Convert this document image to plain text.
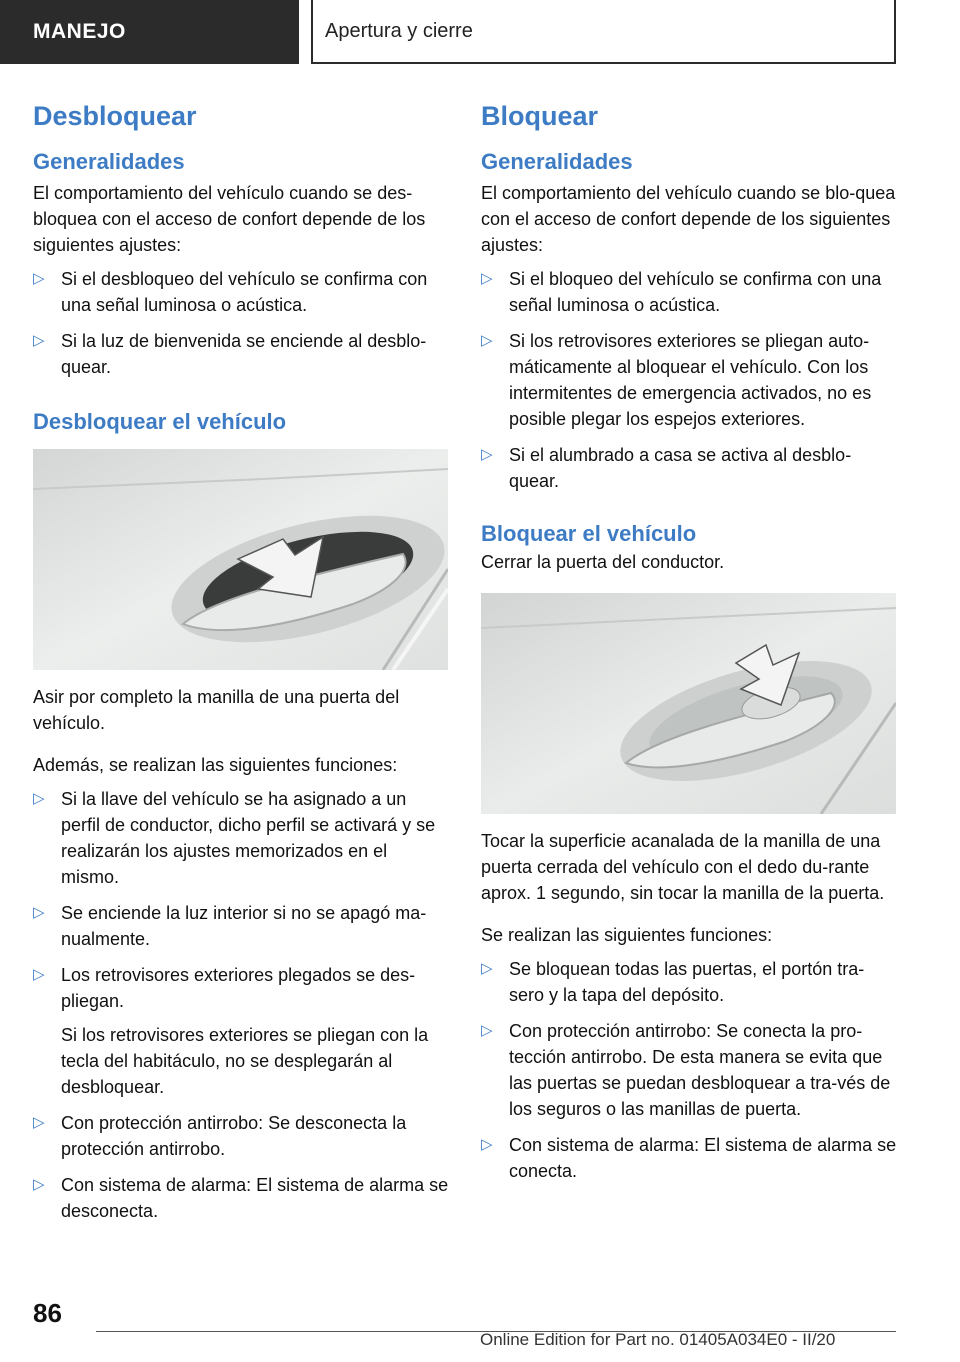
MANEJO	Apertura y cierre
Desbloquear
Generalidades

El comportamiento del vehículo cuando se des-bloquea con el acceso de confort depende de los siguientes ajustes:

▷ Si el desbloqueo del vehículo se confirma con una señal luminosa o acústica.
▷ Si la luz de bienvenida se enciende al desblo-quear.
Desbloquear el vehículo

Asir por completo la manilla de una puerta del vehículo.

Además, se realizan las siguientes funciones:

▷ Si la llave del vehículo se ha asignado a un perfil de conductor, dicho perfil se activará y se realizarán los ajustes memorizados en el mismo.
▷ Se enciende la luz interior si no se apagó ma-nualmente.
▷ Los retrovisores exteriores plegados se des-pliegan.
Si los retrovisores exteriores se pliegan con la tecla del habitáculo, no se desplegarán al desbloquear.
▷ Con protección antirrobo: Se desconecta la protección antirrobo.
▷ Con sistema de alarma: El sistema de alarma se desconecta.
Bloquear
Generalidades

El comportamiento del vehículo cuando se blo-quea con el acceso de confort depende de los siguientes ajustes:

▷ Si el bloqueo del vehículo se confirma con una señal luminosa o acústica.
▷ Si los retrovisores exteriores se pliegan auto-máticamente al bloquear el vehículo. Con los intermitentes de emergencia activados, no es posible plegar los espejos exteriores.
▷ Si el alumbrado a casa se activa al desblo-quear.
Bloquear el vehículo

Cerrar la puerta del conductor.

Tocar la superficie acanalada de la manilla de una puerta cerrada del vehículo con el dedo du-rante aprox. 1 segundo, sin tocar la manilla de la puerta.

Se realizan las siguientes funciones:

▷ Se bloquean todas las puertas, el portón tra-sero y la tapa del depósito.
▷ Con protección antirrobo: Se conecta la pro-tección antirrobo. De esta manera se evita que las puertas se puedan desbloquear a tra-vés de los seguros o las manillas de puerta.
▷ Con sistema de alarma: El sistema de alarma se conecta.
86
Online Edition for Part no. 01405A034E0 - II/20
